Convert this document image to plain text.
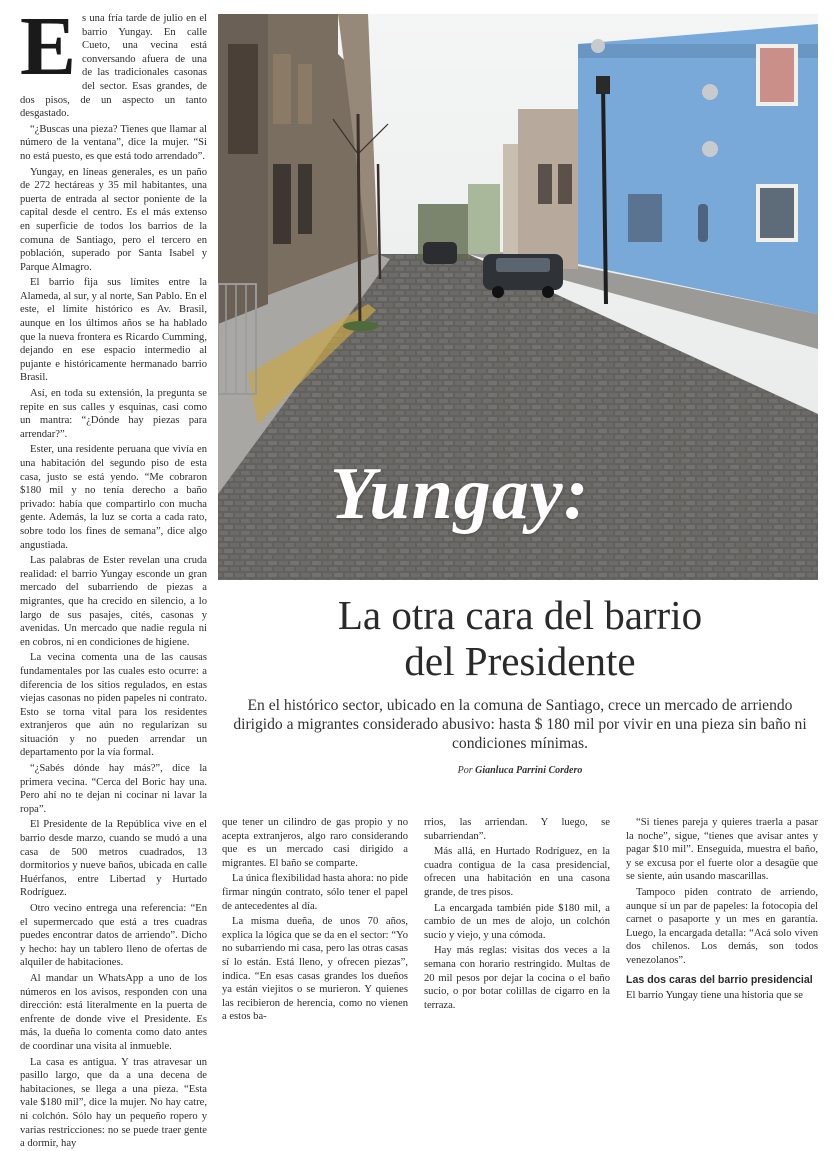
Es una fría tarde de julio en el barrio Yungay. En calle Cueto, una vecina está conversando afuera de una de las tradicionales casonas del sector. Esas grandes, de dos pisos, de un aspecto un tanto desgastado.

“¿Buscas una pieza? Tienes que llamar al número de la ventana”, dice la mujer. “Si no está puesto, es que está todo arrendado”.

Yungay, en líneas generales, es un paño de 272 hectáreas y 35 mil habitantes, una puerta de entrada al sector poniente de la capital desde el centro. Es el más extenso en superficie de todos los barrios de la comuna de Santiago, pero el tercero en población, superado por Santa Isabel y Parque Almagro.

El barrio fija sus límites entre la Alameda, al sur, y al norte, San Pablo. En el este, el límite histórico es Av. Brasil, aunque en los últimos años se ha hablado que la nueva frontera es Ricardo Cumming, dejando en ese espacio intermedio al pujante e históricamente hermanado barrio Brasil.

Así, en toda su extensión, la pregunta se repite en sus calles y esquinas, casi como un mantra: “¿Dónde hay piezas para arrendar?”.

Ester, una residente peruana que vivía en una habitación del segundo piso de esta casa, justo se está yendo. “Me cobraron $180 mil y no tenía derecho a baño privado: había que compartirlo con mucha gente. Además, la luz se corta a cada rato, sobre todo los fines de semana”, dice algo angustiada.

Las palabras de Ester revelan una cruda realidad: el barrio Yungay esconde un gran mercado del subarriendo de piezas a migrantes, que ha crecido en silencio, a lo largo de sus pasajes, cités, casonas y avenidas. Un mercado que nadie regula ni en cobros, ni en condiciones de higiene.

La vecina comenta una de las causas fundamentales por las cuales esto ocurre: a diferencia de los sitios regulados, en estas viejas casonas no piden papeles ni contrato. Esto se torna vital para los residentes extranjeros que aún no regularizan su situación y no pueden arrendar un departamento por la vía formal.

“¿Sabés dónde hay más?”, dice la primera vecina. “Cerca del Boric hay una. Pero ahí no te dejan ni cocinar ni lavar la ropa”.

El Presidente de la República vive en el barrio desde marzo, cuando se mudó a una casa de 500 metros cuadrados, 13 dormitorios y nueve baños, ubicada en calle Huérfanos, entre Libertad y Hurtado Rodríguez.

Otro vecino entrega una referencia: “En el supermercado que está a tres cuadras puedes encontrar datos de arriendo”. Dicho y hecho: hay un tablero lleno de ofertas de alquiler de habitaciones.

Al mandar un WhatsApp a uno de los números en los avisos, responden con una dirección: está literalmente en la puerta de enfrente de donde vive el Presidente. Es más, la dueña lo comenta como dato antes de coordinar una visita al inmueble.

La casa es antigua. Y tras atravesar un pasillo largo, que da a una decena de habitaciones, se llega a una pieza. “Esta vale $180 mil”, dice la mujer. No hay catre, ni colchón. Sólo hay un pequeño ropero y varias restricciones: no se puede traer gente a dormir, hay

Yungay:
La otra cara del barrio
del Presidente
En el histórico sector, ubicado en la comuna de Santiago, crece un mercado de arriendo dirigido a migrantes considerado abusivo: hasta $ 180 mil por vivir en una pieza sin baño ni condiciones mínimas.
Por Gianluca Parrini Cordero

que tener un cilindro de gas propio y no acepta extranjeros, algo raro considerando que es un mercado casi dirigido a migrantes. El baño se comparte.

La única flexibilidad hasta ahora: no pide firmar ningún contrato, sólo tener el papel de antecedentes al día.

La misma dueña, de unos 70 años, explica la lógica que se da en el sector: “Yo no subarriendo mi casa, pero las otras casas sí lo están. Está lleno, y ofrecen piezas”, indica. “En esas casas grandes los dueños ya están viejitos o se murieron. Y quienes las recibieron de herencia, como no vienen a estos ba-

rrios, las arriendan. Y luego, se subarriendan”.

Más allá, en Hurtado Rodríguez, en la cuadra contigua de la casa presidencial, ofrecen una habitación en una casona grande, de tres pisos.

La encargada también pide $180 mil, a cambio de un mes de alojo, un colchón sucio y viejo, y una cómoda.

Hay más reglas: visitas dos veces a la semana con horario restringido. Multas de 20 mil pesos por dejar la cocina o el baño sucio, o por botar colillas de cigarro en la terraza.

“Si tienes pareja y quieres traerla a pasar la noche”, sigue, “tienes que avisar antes y pagar $10 mil”. Enseguida, muestra el baño, y se excusa por el fuerte olor a desagüe que se siente, aún usando mascarillas.

Tampoco piden contrato de arriendo, aunque sí un par de papeles: la fotocopia del carnet o pasaporte y un mes en garantía. Luego, la encargada detalla: “Acá solo viven dos chilenos. Los demás, son todos venezolanos”.

Las dos caras del barrio presidencial

El barrio Yungay tiene una historia que se
